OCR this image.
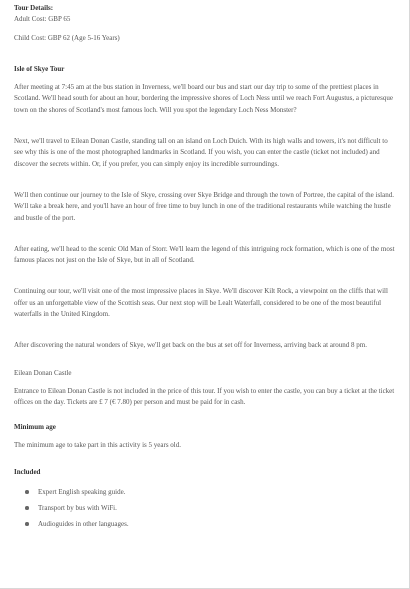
Tour Details:

Adult Cost: GBP 65

Child Cost: GBP 62 (Age 5-16 Years)

Isle of Skye Tour

After meeting at 7:45 am at the bus station in Inverness, we'll board our bus and start our day trip to some of the prettiest places in Scotland. We'll head south for about an hour, bordering the impressive shores of Loch Ness until we reach Fort Augustus, a picturesque town on the shores of Scotland's most famous loch. Will you spot the legendary Loch Ness Monster?

Next, we'll travel to Eilean Donan Castle, standing tall on an island on Loch Duich. With its high walls and towers, it's not difficult to see why this is one of the most photographed landmarks in Scotland. If you wish, you can enter the castle (ticket not included) and discover the secrets within. Or, if you prefer, you can simply enjoy its incredible surroundings.

We'll then continue our journey to the Isle of Skye, crossing over Skye Bridge and through the town of Portree, the capital of the island. We'll take a break here, and you'll have an hour of free time to buy lunch in one of the traditional restaurants while watching the hustle and bustle of the port.

After eating, we'll head to the scenic Old Man of Storr. We'll learn the legend of this intriguing rock formation, which is one of the most famous places not just on the Isle of Skye, but in all of Scotland.

Continuing our tour, we'll visit one of the most impressive places in Skye. We'll discover Kilt Rock, a viewpoint on the cliffs that will offer us an unforgettable view of the Scottish seas. Our next stop will be Lealt Waterfall, considered to be one of the most beautiful waterfalls in the United Kingdom.

After discovering the natural wonders of Skye, we'll get back on the bus at set off for Inverness, arriving back at around 8 pm.

Eilean Donan Castle

Entrance to Eilean Donan Castle is not included in the price of this tour. If you wish to enter the castle, you can buy a ticket at the ticket offices on the day. Tickets are £ 7 (€ 7.80) per person and must be paid for in cash.

Minimum age

The minimum age to take part in this activity is 5 years old.

Included

Expert English speaking guide.
Transport by bus with WiFi.
Audioguides in other languages.
